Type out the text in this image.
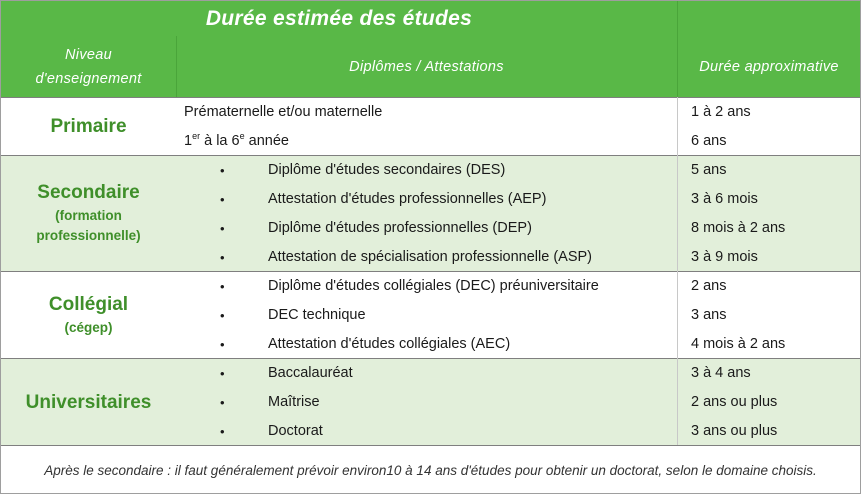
Durée estimée des études
Niveau
d'enseignement
Diplômes / Attestations	Durée approximative
Primaire
Prématernelle et/ou maternelle	1 à 2 ans
1er à la 6e année	6 ans
Secondaire
(formation
professionnelle)
•	Diplôme d'études secondaires (DES)	5 ans
•	Attestation d'études professionnelles (AEP)	3 à 6 mois
•	Diplôme d'études professionnelles (DEP)	8 mois à 2 ans
•	Attestation de spécialisation professionnelle (ASP)	3 à 9 mois
Collégial
(cégep)
•	Diplôme d'études collégiales (DEC) préuniversitaire	2 ans
•	DEC technique	3 ans
•	Attestation d'études collégiales (AEC)	4 mois à 2 ans
Universitaires
•	Baccalauréat	3 à 4 ans
•	Maîtrise	2 ans ou plus
•	Doctorat	3 ans ou plus
Après le secondaire : il faut généralement prévoir environ10 à 14 ans d'études pour obtenir un doctorat, selon le domaine choisis.
